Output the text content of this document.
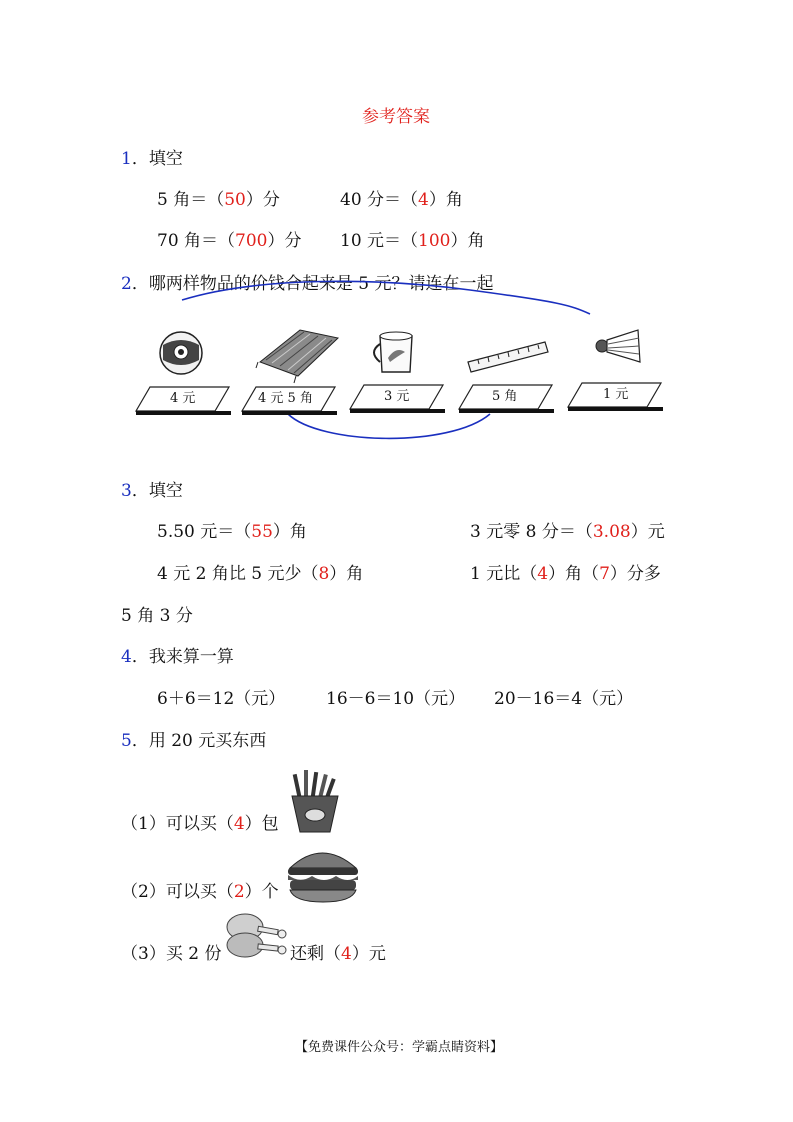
参考答案
1．填空
5 角＝（50）分	40 分＝（4）角
70 角＝（700）分 10 元＝（100）角
2．哪两样物品的价钱合起来是 5 元？请连在一起
4 元	4 元 5 角	3 元	5 角	1 元
3．填空
5.50 元＝（55）角	3 元零 8 分＝（3.08）元
4 元 2 角比 5 元少（8）角	1 元比（4）角（7）分多
5 角 3 分
4．我来算一算
6＋6＝12（元） 16－6＝10（元） 20－16＝4（元）
5．用 20 元买东西
（1）可以买（4）包
（2）可以买（2）个
（3）买 2 份	还剩（4）元
【免费课件公众号：学霸点睛资料】
